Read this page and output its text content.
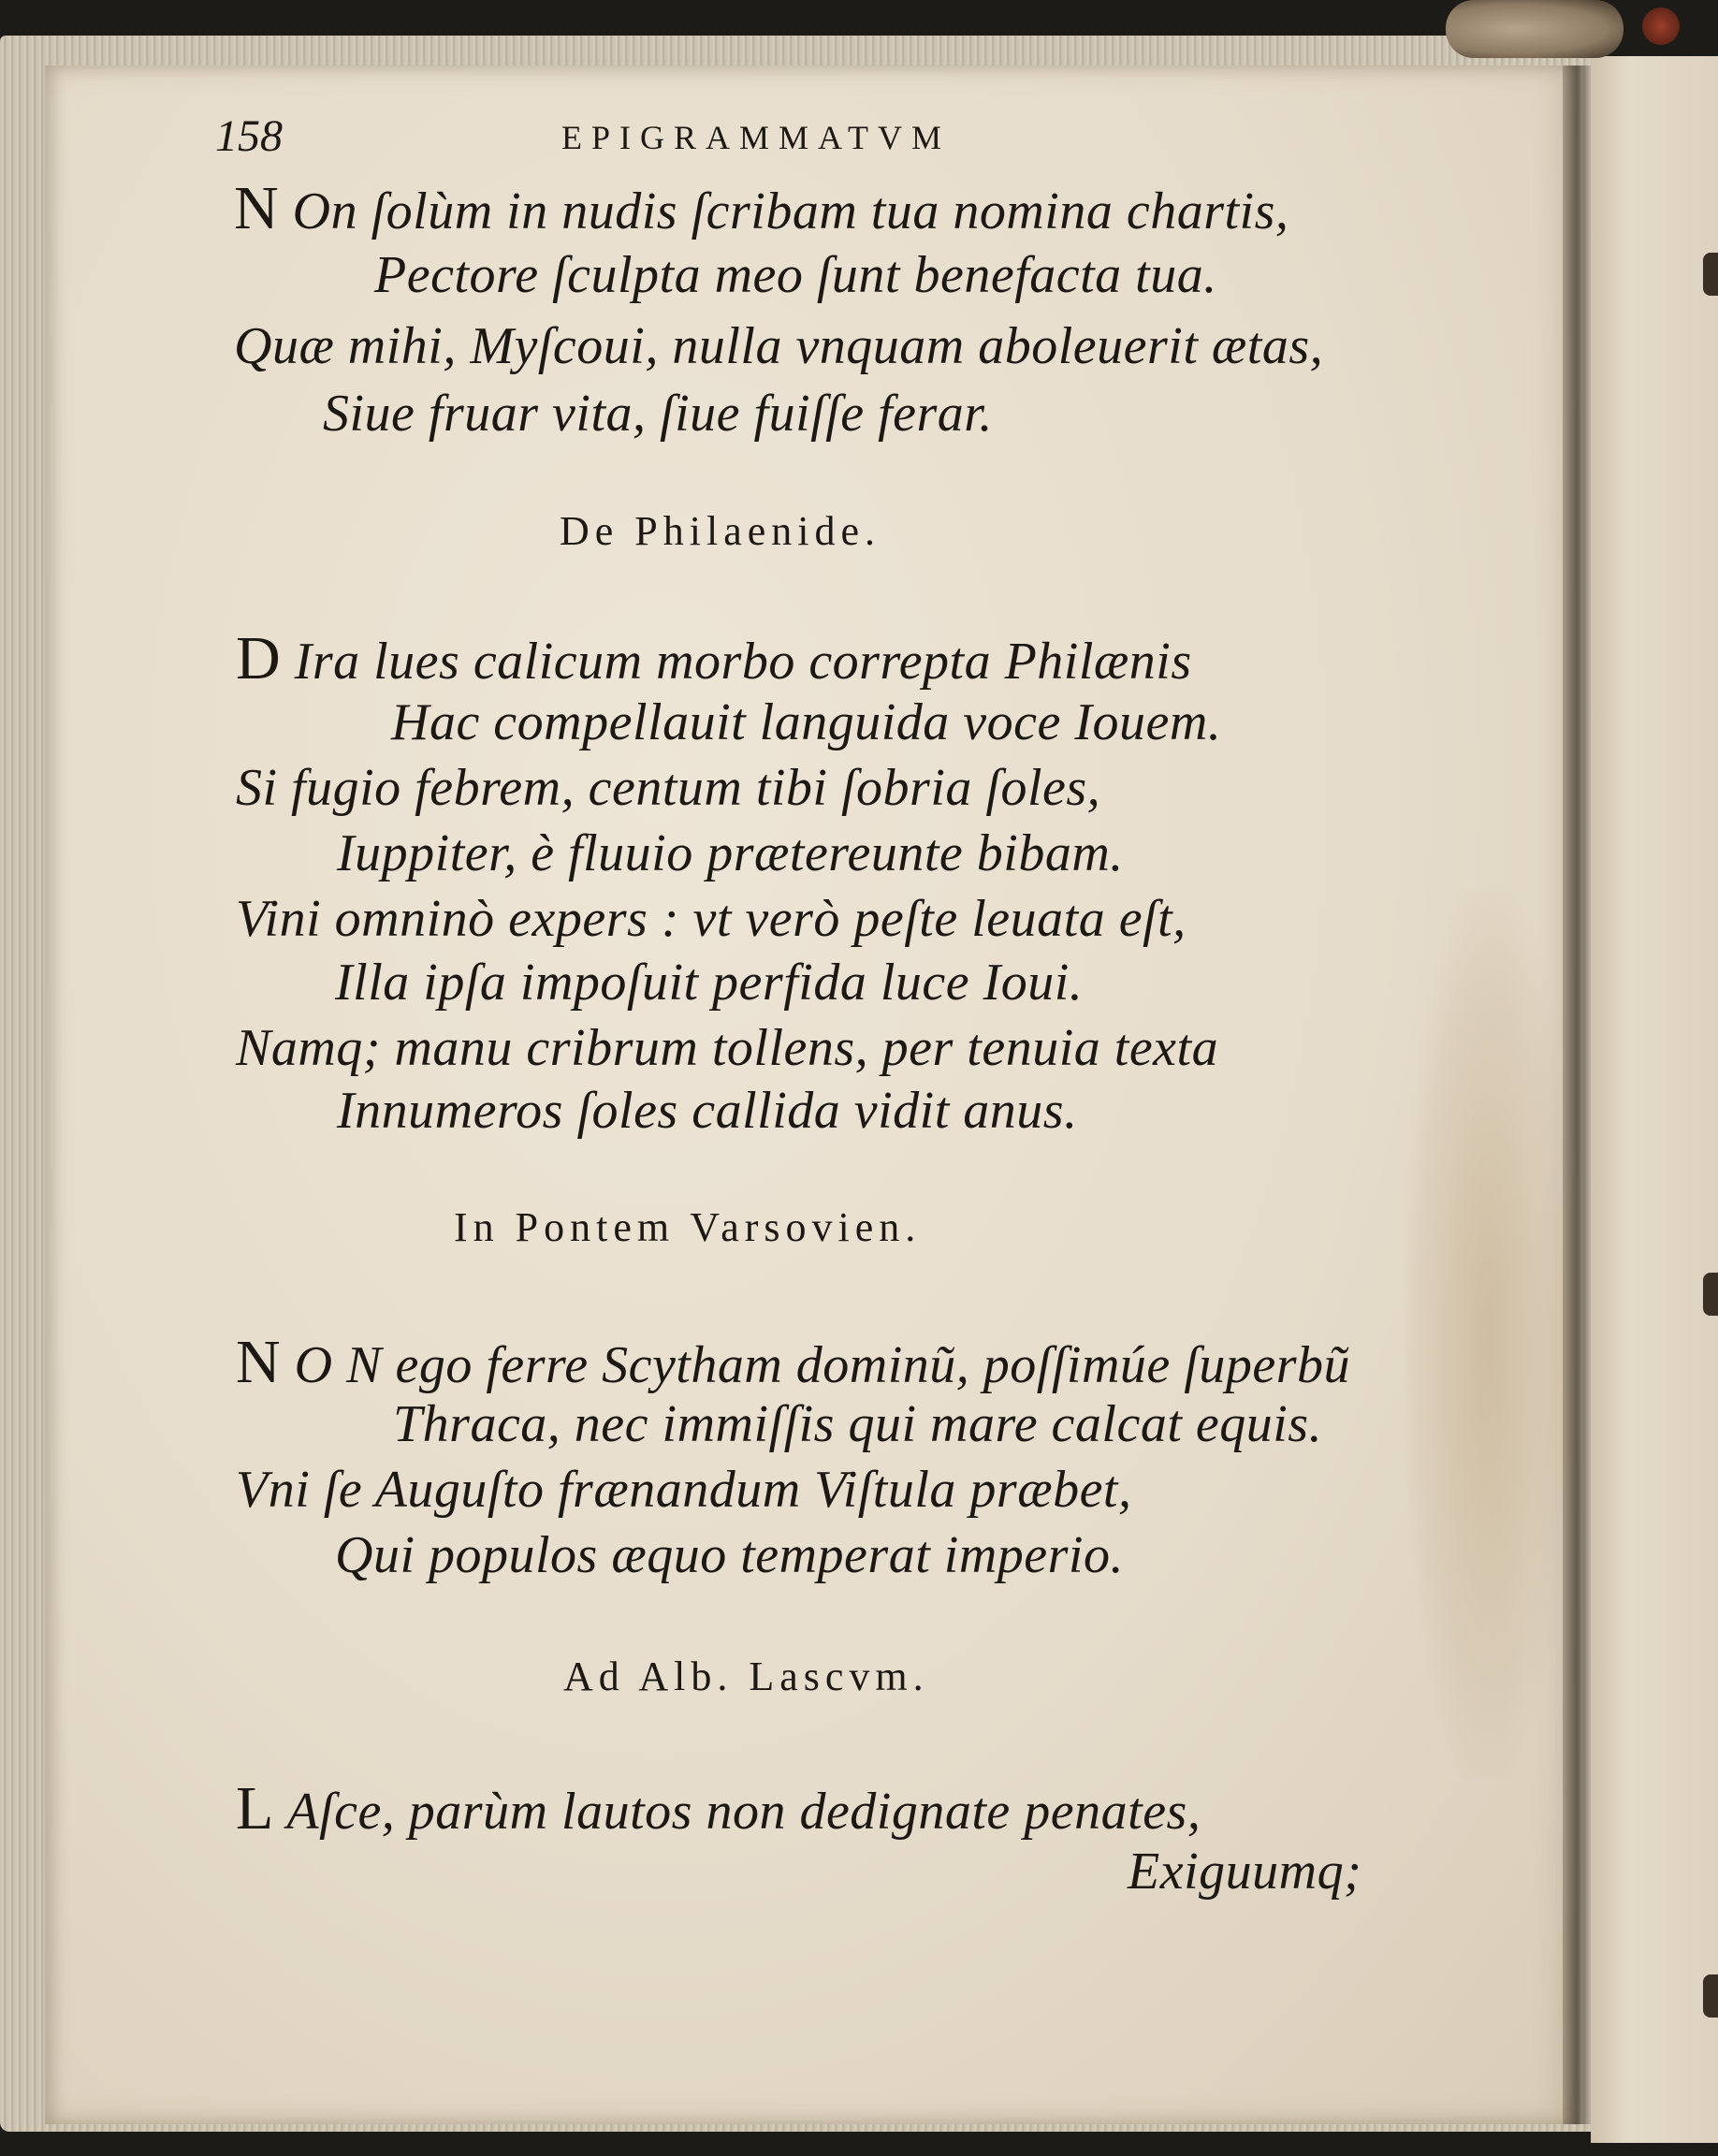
158	EPIGRAMMATVM
N On ſolùm in nudis ſcribam tua nomina chartis,
Pectore ſculpta meo ſunt benefacta tua.
Quæ mihi, Myſcoui, nulla vnquam aboleuerit ætas,
Siue fruar vita, ſiue fuiſſe ferar.
De Philaenide.
D Ira lues calicum morbo correpta Philænis
Hac compellauit languida voce Iouem.
Si fugio febrem, centum tibi ſobria ſoles,
Iuppiter, è fluuio prætereunte bibam.
Vini omninò expers : vt verò peſte leuata eſt,
Illa ipſa impoſuit perfida luce Ioui.
Namq; manu cribrum tollens, per tenuia texta
Innumeros ſoles callida vidit anus.
In Pontem Varsovien.
N O N ego ferre Scytham dominũ, poſſimúe ſuperbũ
Thraca, nec immiſſis qui mare calcat equis.
Vni ſe Auguſto frænandum Viſtula præbet,
Qui populos æquo temperat imperio.
Ad Alb. Lascvm.
L Aſce, parùm lautos non dedignate penates,
Exiguumq;
